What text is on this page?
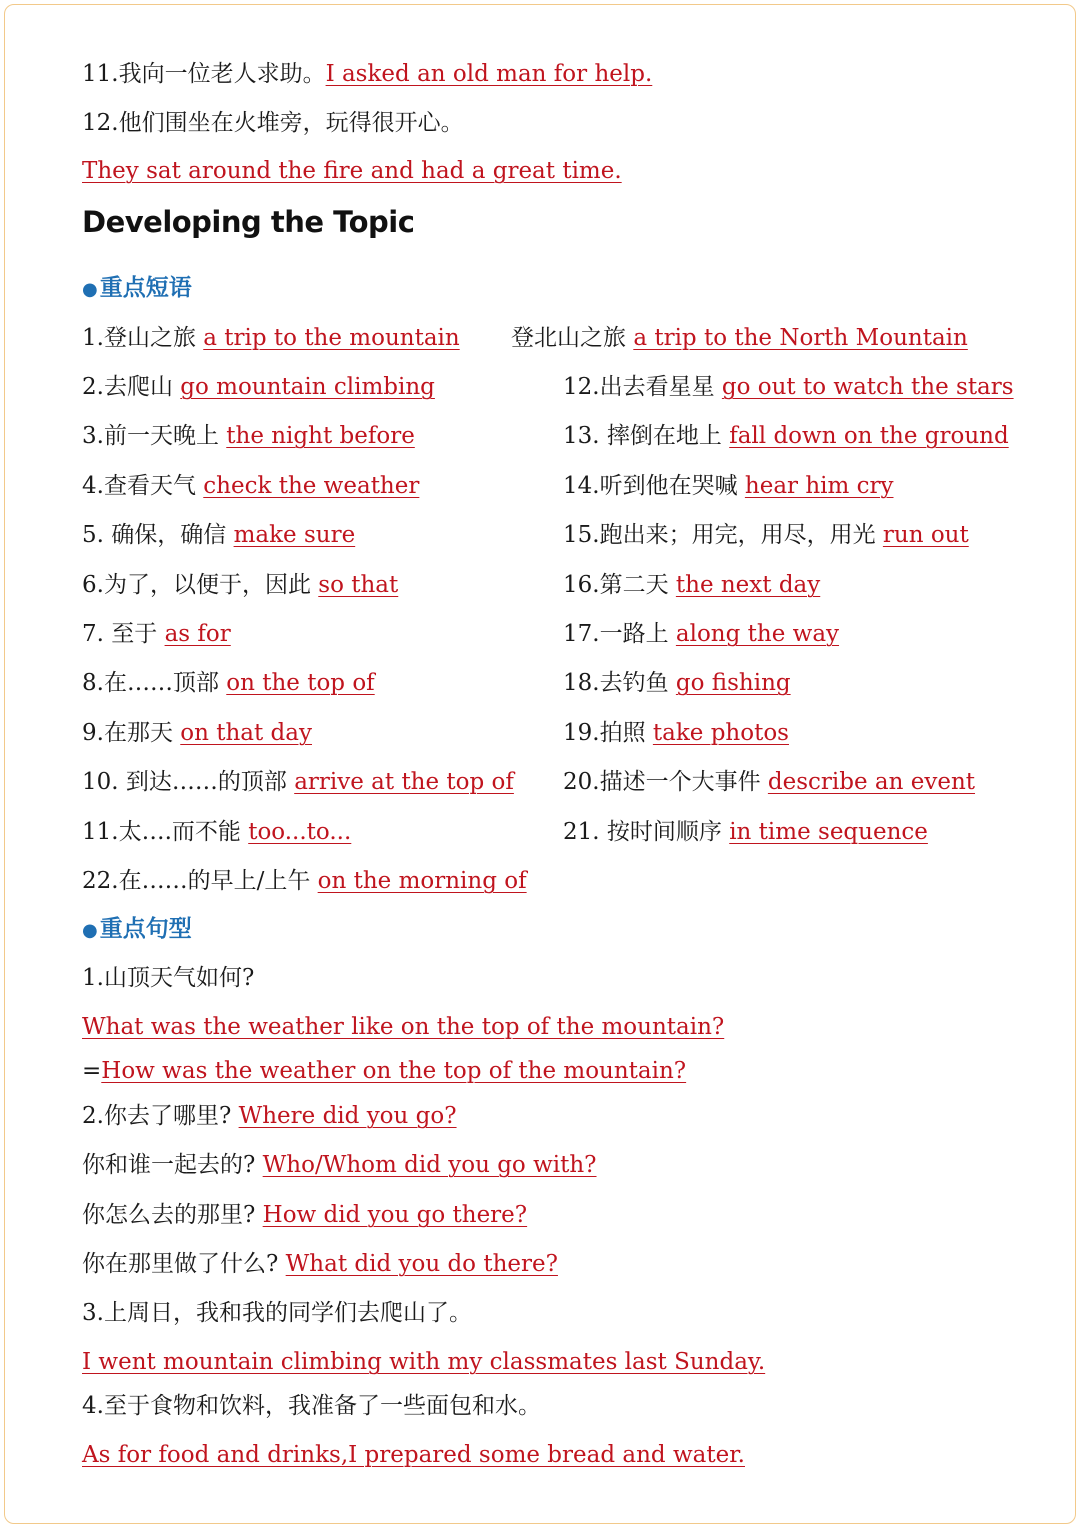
11.我向一位老人求助。I asked an old man for help.
12.他们围坐在火堆旁，玩得很开心。
They sat around the fire and had a great time.
Developing the Topic
●重点短语
1.登山之旅 a trip to the mountain
2.去爬山 go mountain climbing
3.前一天晚上 the night before
4.查看天气 check the weather
5. 确保，确信 make sure
6.为了，以便于，因此 so that
7. 至于 as for
8.在……顶部 on the top of
9.在那天 on that day
10. 到达……的顶部 arrive at the top of
11.太….而不能 too...to...
22.在……的早上/上午 on the morning of
登北山之旅 a trip to the North Mountain
12.出去看星星 go out to watch the stars
13. 摔倒在地上 fall down on the ground
14.听到他在哭喊 hear him cry
15.跑出来；用完，用尽，用光 run out
16.第二天 the next day
17.一路上 along the way
18.去钓鱼 go fishing
19.拍照 take photos
20.描述一个大事件 describe an event
21. 按时间顺序 in time sequence
●重点句型
1.山顶天气如何?
What was the weather like on the top of the mountain?
=How was the weather on the top of the mountain?
2.你去了哪里? Where did you go?
你和谁一起去的? Who/Whom did you go with?
你怎么去的那里? How did you go there?
你在那里做了什么? What did you do there?
3.上周日，我和我的同学们去爬山了。
I went mountain climbing with my classmates last Sunday.
4.至于食物和饮料，我准备了一些面包和水。
As for food and drinks,I prepared some bread and water.
